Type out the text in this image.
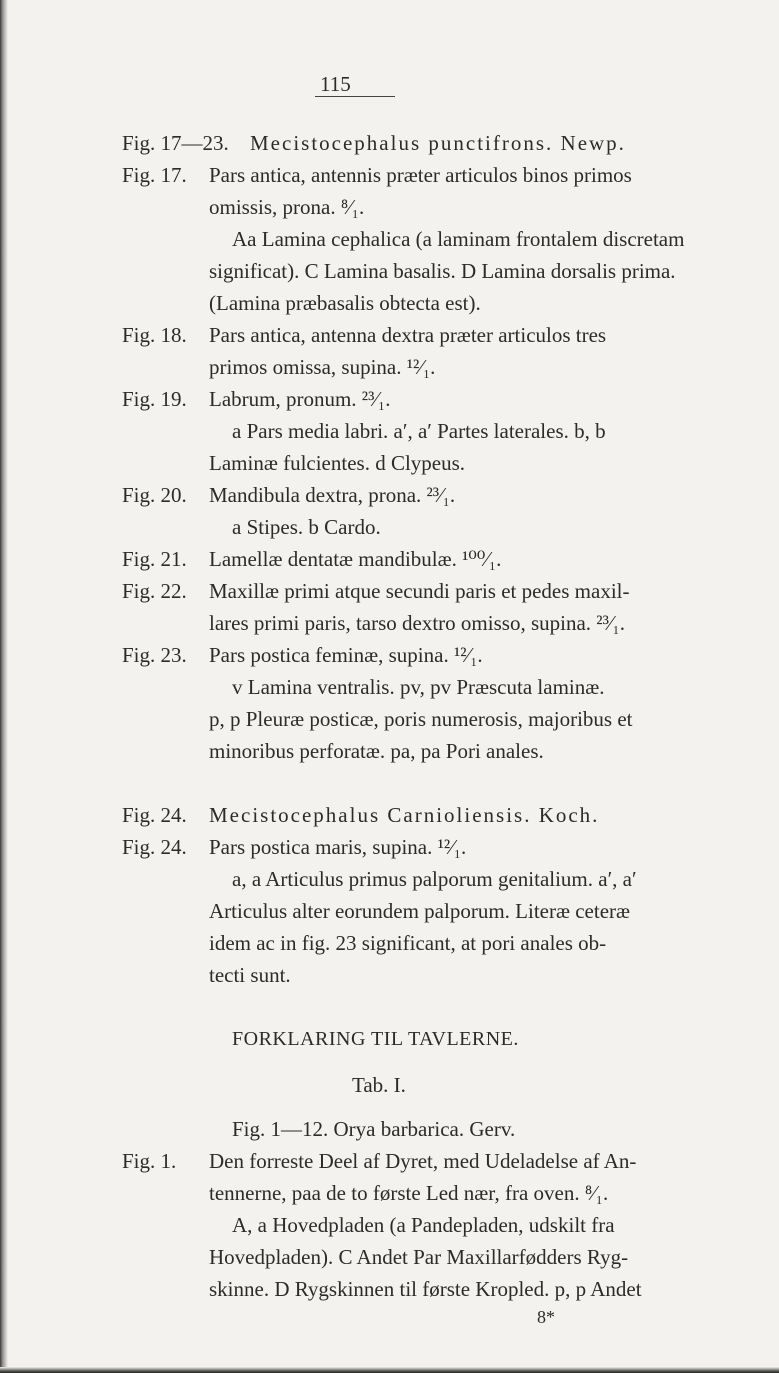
115
Fig. 17—23. Mecistocephalus punctifrons. Newp.
Fig. 17. Pars antica, antennis præter articulos binos primos
omissis, prona. ⁸⁄₁.
Aa Lamina cephalica (a laminam frontalem discretam
significat). C Lamina basalis. D Lamina dorsalis prima.
(Lamina præbasalis obtecta est).
Fig. 18. Pars antica, antenna dextra præter articulos tres
primos omissa, supina. ¹²⁄₁.
Fig. 19. Labrum, pronum. ²³⁄₁.
a Pars media labri. a′, a′ Partes laterales. b, b
Laminæ fulcientes. d Clypeus.
Fig. 20. Mandibula dextra, prona. ²³⁄₁.
a Stipes. b Cardo.
Fig. 21. Lamellæ dentatæ mandibulæ. ¹⁰⁰⁄₁.
Fig. 22. Maxillæ primi atque secundi paris et pedes maxil-
lares primi paris, tarso dextro omisso, supina. ²³⁄₁.
Fig. 23. Pars postica feminæ, supina. ¹²⁄₁.
v Lamina ventralis. pv, pv Præscuta laminæ.
p, p Pleuræ posticæ, poris numerosis, majoribus et
minoribus perforatæ. pa, pa Pori anales.
Fig. 24. Mecistocephalus Carnioliensis. Koch.
Fig. 24. Pars postica maris, supina. ¹²⁄₁.
a, a Articulus primus palporum genitalium. a′, a′
Articulus alter eorundem palporum. Literæ ceteræ
idem ac in fig. 23 significant, at pori anales ob-
tecti sunt.
FORKLARING TIL TAVLERNE.
Tab. I.
Fig. 1—12. Orya barbarica. Gerv.
Fig. 1. Den forreste Deel af Dyret, med Udeladelse af An-
tennerne, paa de to første Led nær, fra oven. ⁸⁄₁.
A, a Hovedpladen (a Pandepladen, udskilt fra
Hovedpladen). C Andet Par Maxillarfødders Ryg-
skinne. D Rygskinnen til første Kropled. p, p Andet
8*
